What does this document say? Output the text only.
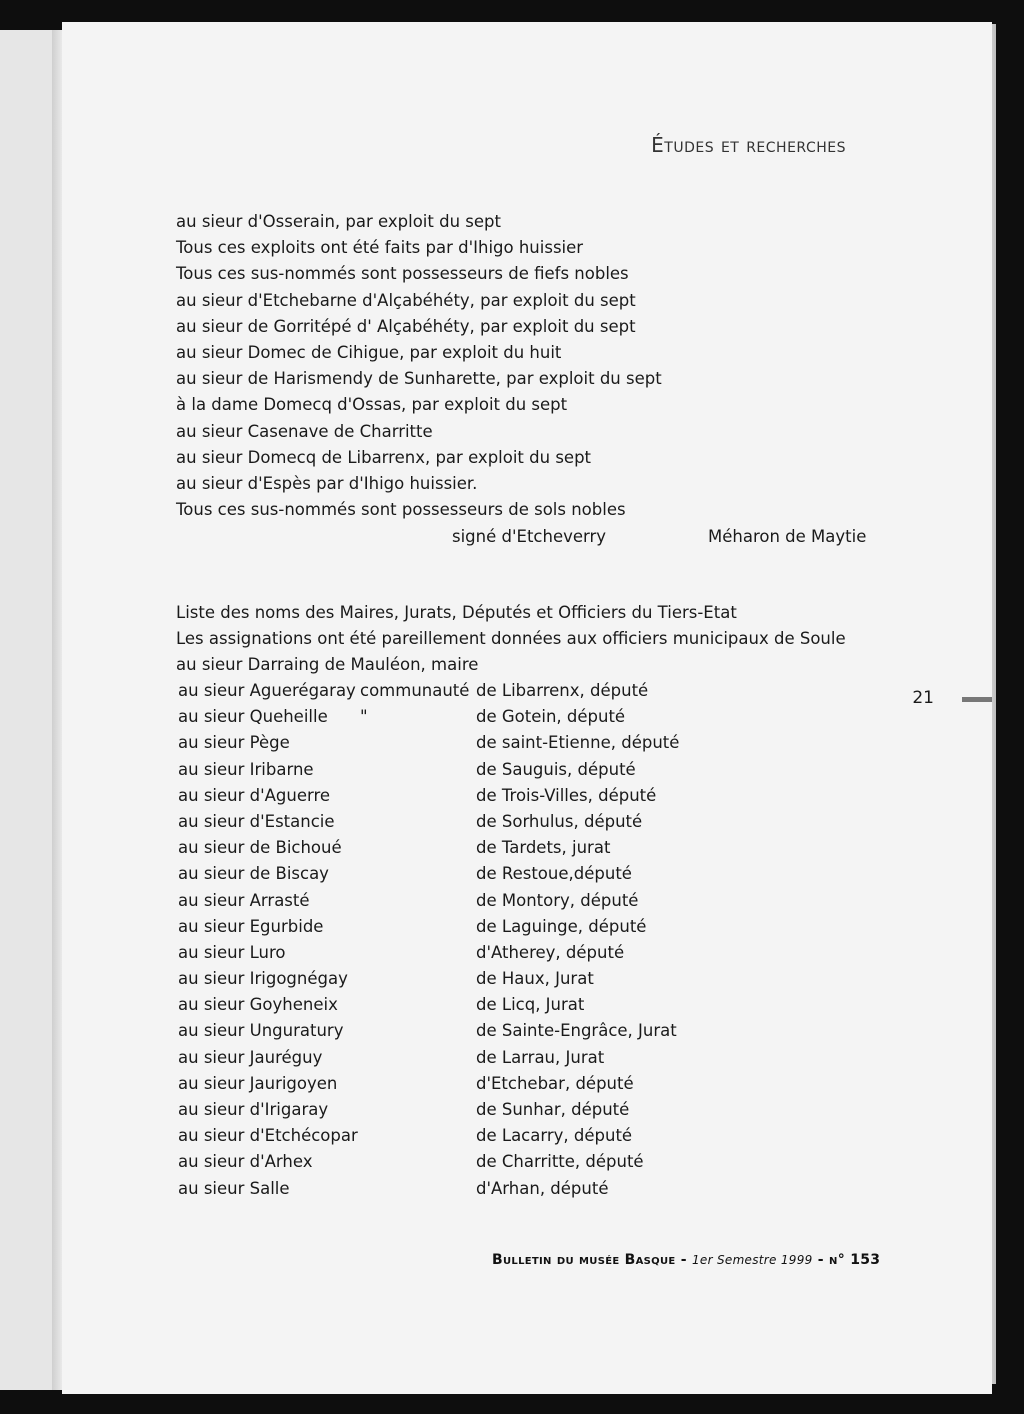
Études et recherches
au sieur d'Osserain, par exploit du sept
Tous ces exploits ont été faits par d'Ihigo huissier
Tous ces sus-nommés sont possesseurs de fiefs nobles
au sieur d'Etchebarne d'Alçabéhéty, par exploit du sept
au sieur de Gorritépé d' Alçabéhéty, par exploit du sept
au sieur Domec de Cihigue, par exploit du huit
au sieur de Harismendy de Sunharette, par exploit du sept
à la dame Domecq d'Ossas, par exploit du sept
au sieur Casenave de Charritte
au sieur Domecq de Libarrenx, par exploit du sept
au sieur d'Espès par d'Ihigo huissier.
Tous ces sus-nommés sont possesseurs de sols nobles
signé d'Etcheverry	Méharon de Maytie
Liste des noms des Maires, Jurats, Députés et Officiers du Tiers-Etat
Les assignations ont été pareillement données aux officiers municipaux de Soule
au sieur Darraing de Mauléon, maire
au sieur Aguerégaray communauté de Libarrenx, député
au sieur Queheille "	de Gotein, député
au sieur Pège	de saint-Etienne, député
au sieur Iribarne	de Sauguis, député
au sieur d'Aguerre	de Trois-Villes, député
au sieur d'Estancie	de Sorhulus, député
au sieur de Bichoué	de Tardets, jurat
au sieur de Biscay	de Restoue,député
au sieur Arrasté	de Montory, député
au sieur Egurbide	de Laguinge, député
au sieur Luro	d'Atherey, député
au sieur Irigognégay	de Haux, Jurat
au sieur Goyheneix	de Licq, Jurat
au sieur Unguratury	de Sainte-Engrâce, Jurat
au sieur Jauréguy	de Larrau, Jurat
au sieur Jaurigoyen	d'Etchebar, député
au sieur d'Irigaray	de Sunhar, député
au sieur d'Etchécopar	de Lacarry, député
au sieur d'Arhex	de Charritte, député
au sieur Salle	d'Arhan, député
21
Bulletin du musée Basque - 1er Semestre 1999 - n° 153
